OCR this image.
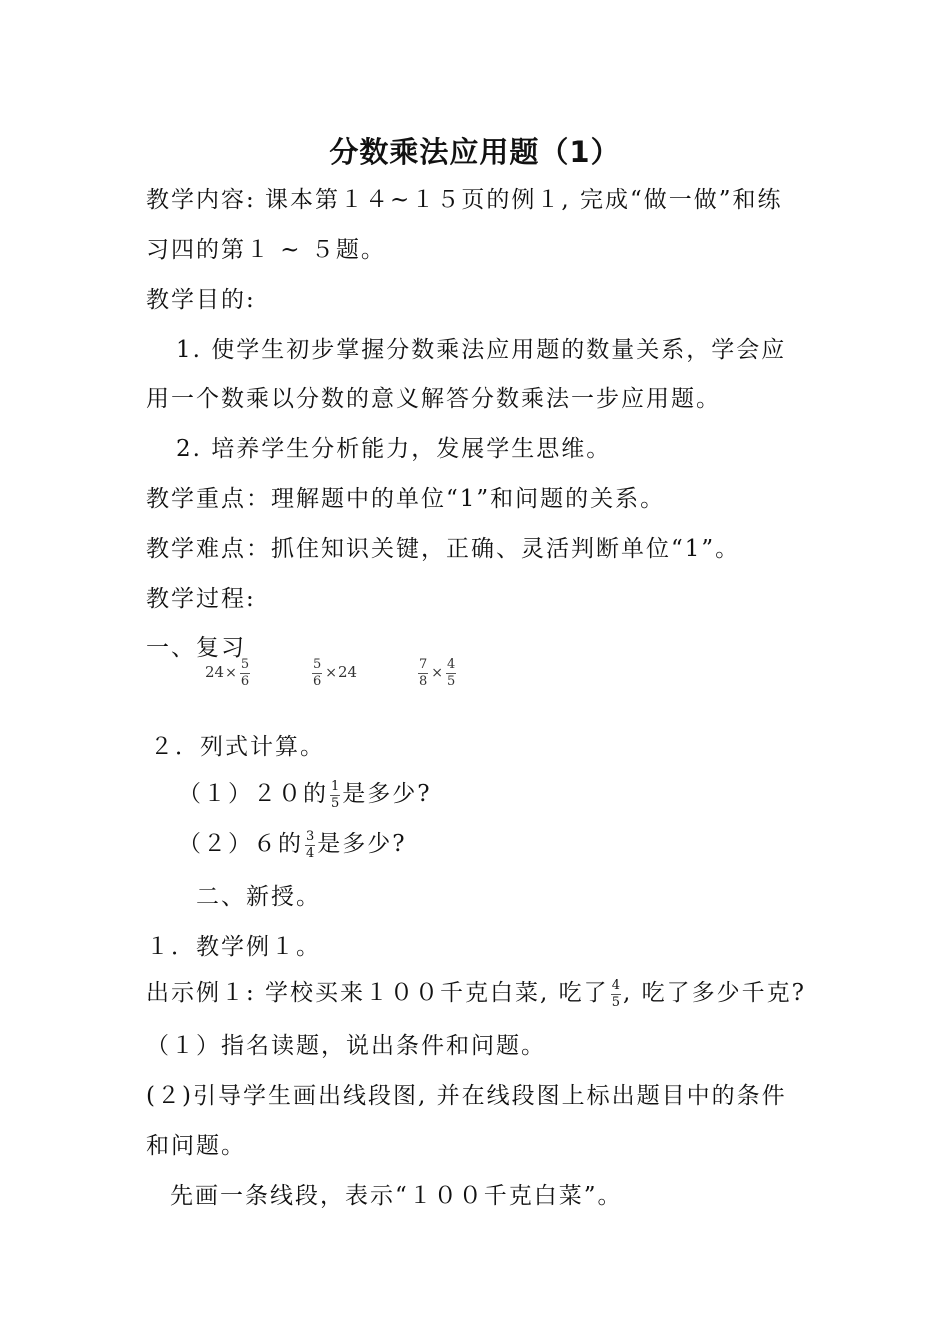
分数乘法应用题（1）
教学内容: 课本第１４~１５页的例１, 完成“做一做”和练
习四的第１ ~ ５题。
教学目的:
1. 使学生初步掌握分数乘法应用题的数量关系，学会应
用一个数乘以分数的意义解答分数乘法一步应用题。
2. 培养学生分析能力，发展学生思维。
教学重点：理解题中的单位“1”和问题的关系。
教学难点：抓住知识关键，正确、灵活判断单位“1”。
教学过程:
一、复习
$24\times \frac{5}{6}$	$\frac{5}{6} \times 24$	$\frac{7}{8} \times \frac{4}{5}$
２．列式计算。
（１）２０的 $\frac{1}{5}$ 是多少?
（２）６的 $\frac{3}{4}$ 是多少?
二、新授。
１．教学例１。
出示例１: 学校买来１００千克白菜, 吃了 $\frac{4}{5}$ , 吃了多少千克?
（１）指名读题，说出条件和问题。
(２)引导学生画出线段图, 并在线段图上标出题目中的条件
和问题。
先画一条线段，表示“１００千克白菜”。
